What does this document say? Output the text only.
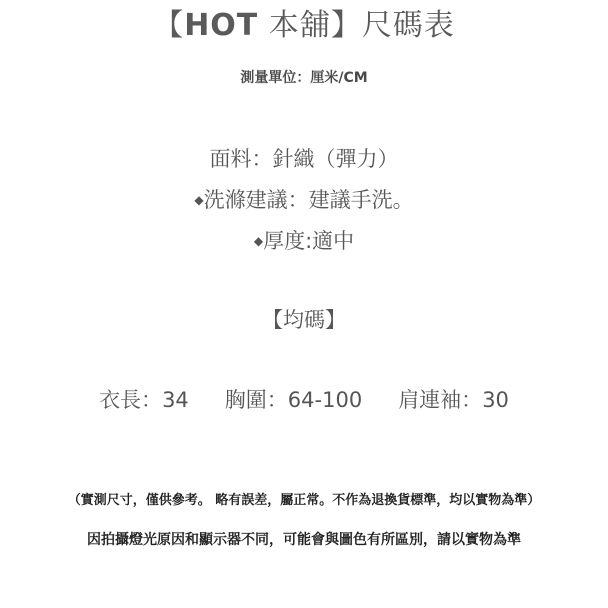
【HOT 本舖】尺碼表
測量單位：厘米/CM
面料：針織（彈力）
◆洗滌建議：建議手洗。
◆厚度:適中
【均碼】
衣長：34 胸圍：64-100 肩連袖：30
（實測尺寸，僅供參考。 略有誤差，屬正常。不作為退換貨標準，均以實物為準）
因拍攝燈光原因和顯示器不同，可能會與圖色有所區別，請以實物為準
